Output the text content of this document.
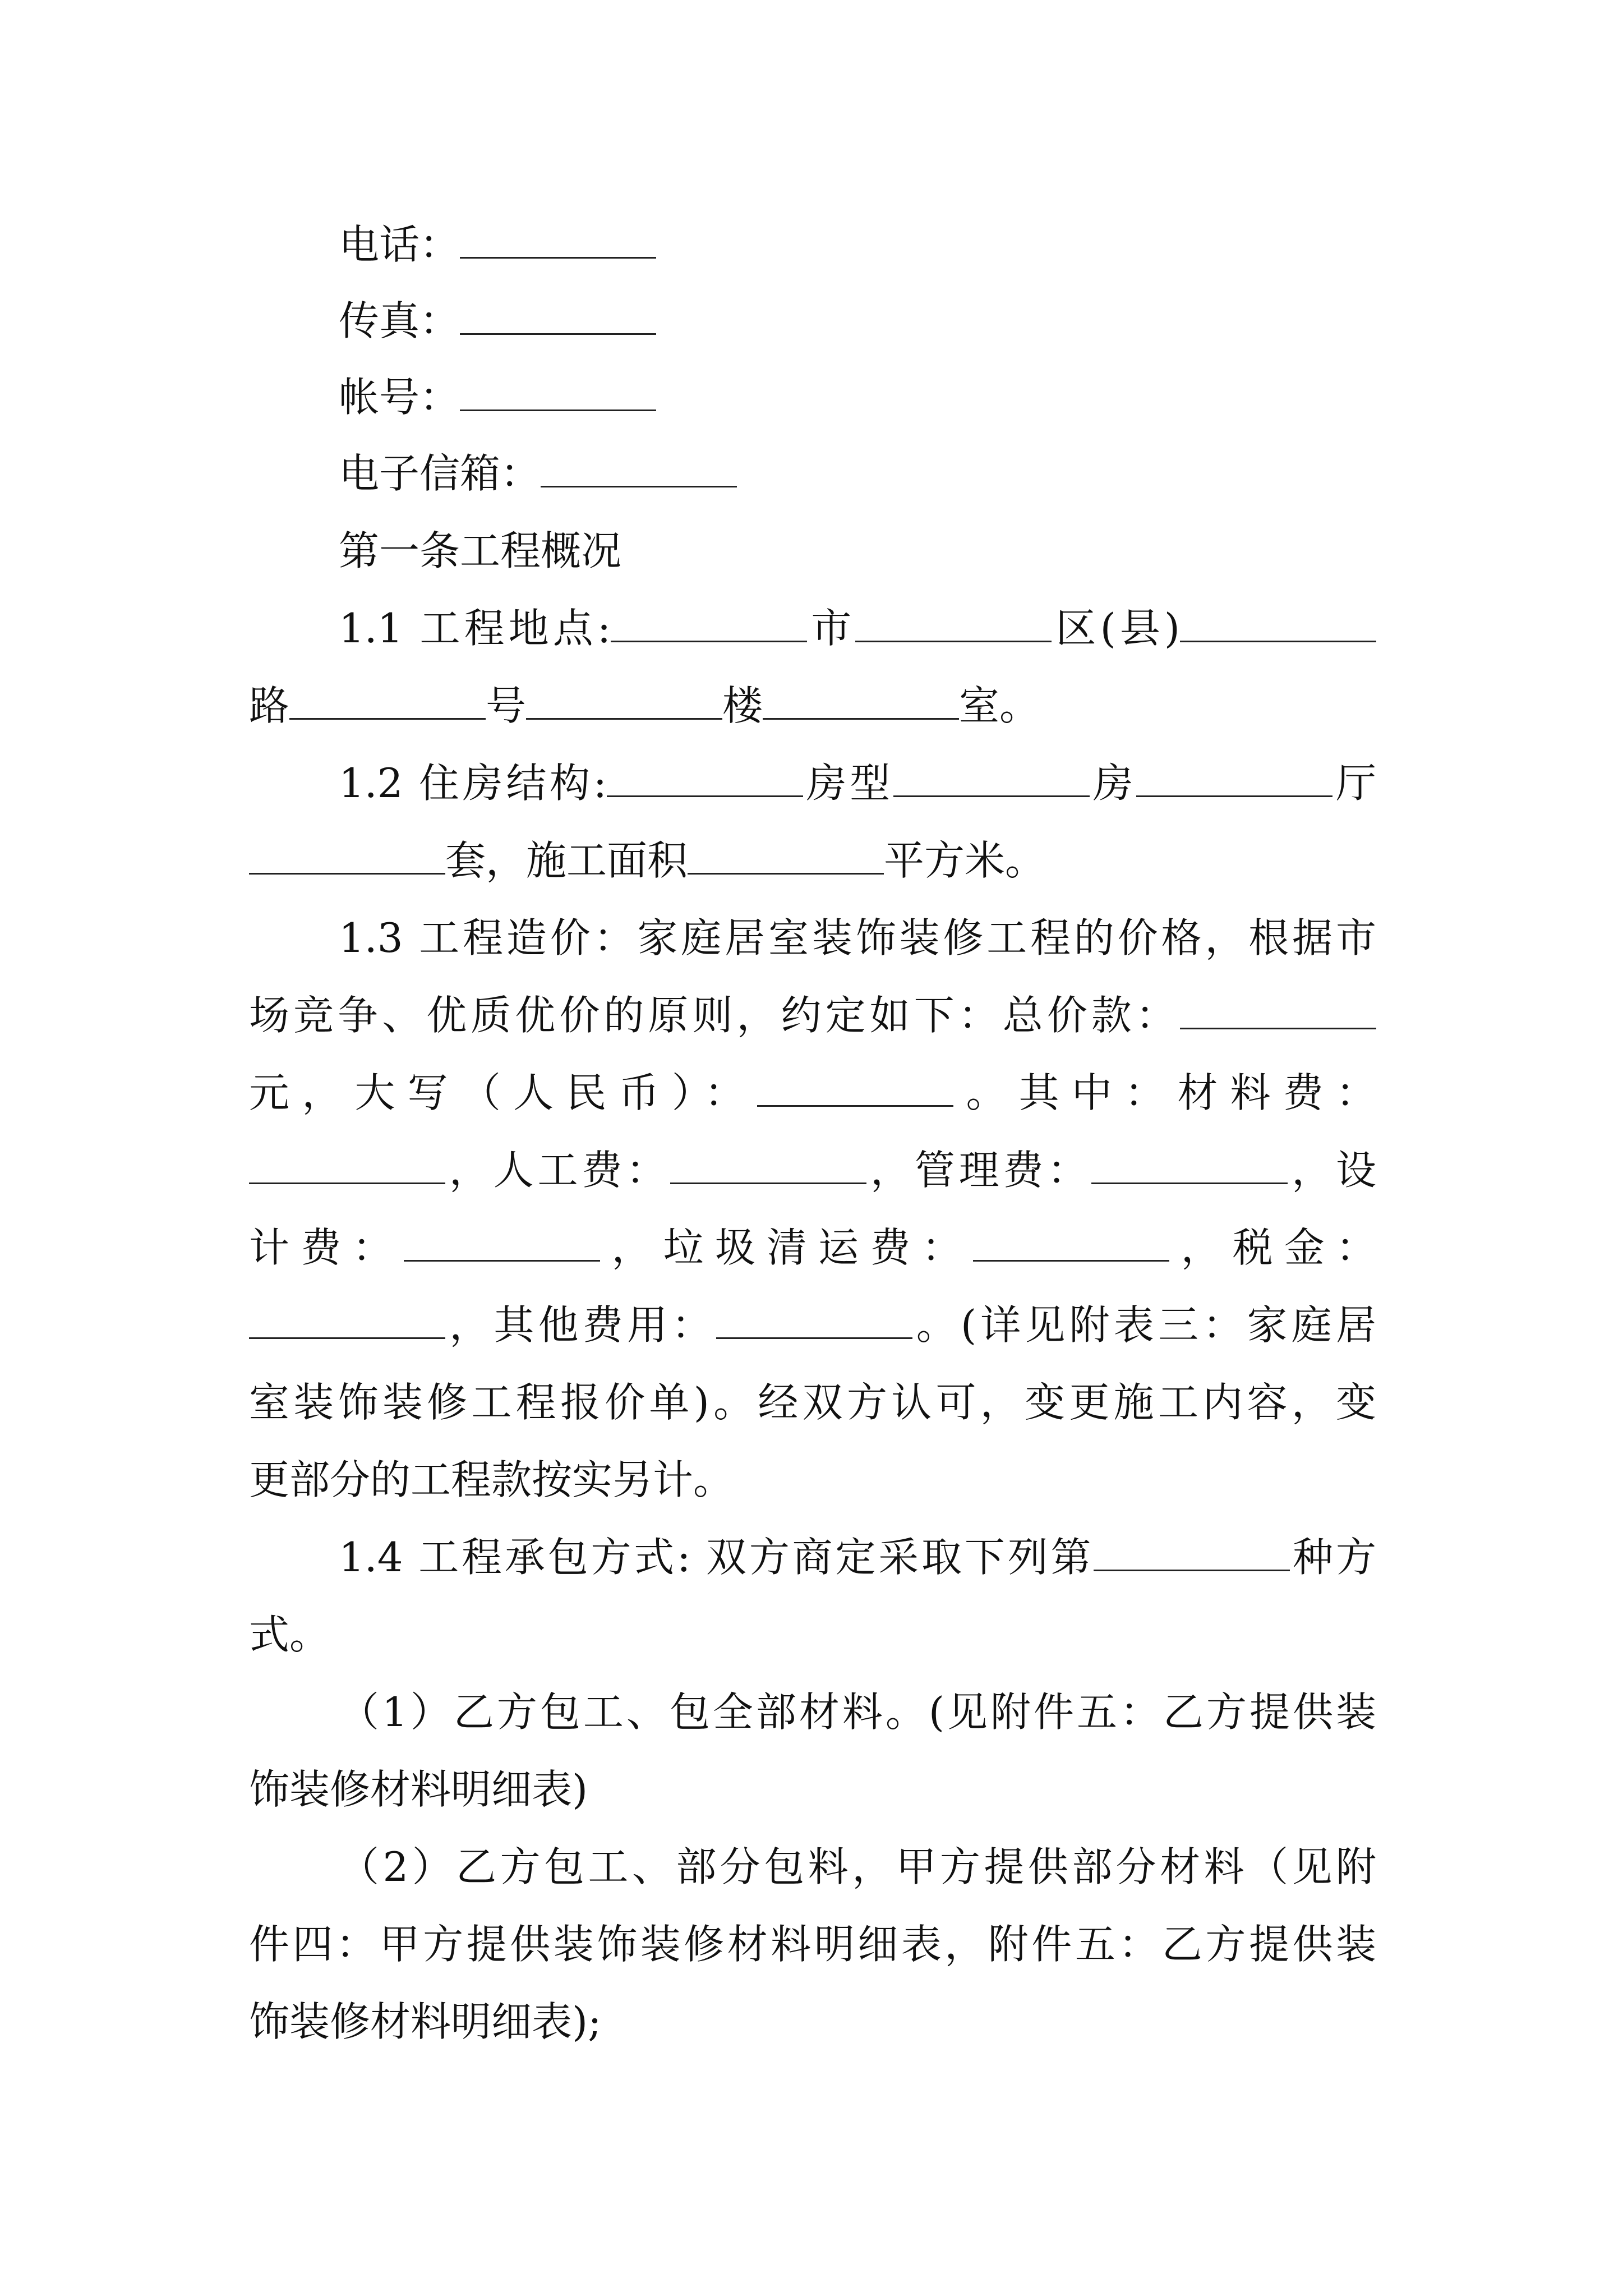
电话：
传真：
帐号：
电子信箱：
第一条工程概况
1.1 工程地点:	市	区(县)
路	号	楼	室。
1.2 住房结构:	房型	房	厅
套，施工面积	平方米。
1.3 工程造价：家庭居室装饰装修工程的价格，根据市
场竞争、优质优价的原则，约定如下：总价款：
元，大写（人民币）：	。其中：材料费：
，人工费：	，管理费：	，设
计费：	，垃圾清运费：	，税金：
，其他费用：	。(详见附表三：家庭居
室装饰装修工程报价单)。经双方认可，变更施工内容，变
更部分的工程款按实另计。
1.4 工程承包方式: 双方商定采取下列第	种方
式。
（1）乙方包工、包全部材料。(见附件五：乙方提供装
饰装修材料明细表)
（2）乙方包工、部分包料，甲方提供部分材料（见附
件四：甲方提供装饰装修材料明细表，附件五：乙方提供装
饰装修材料明细表);
